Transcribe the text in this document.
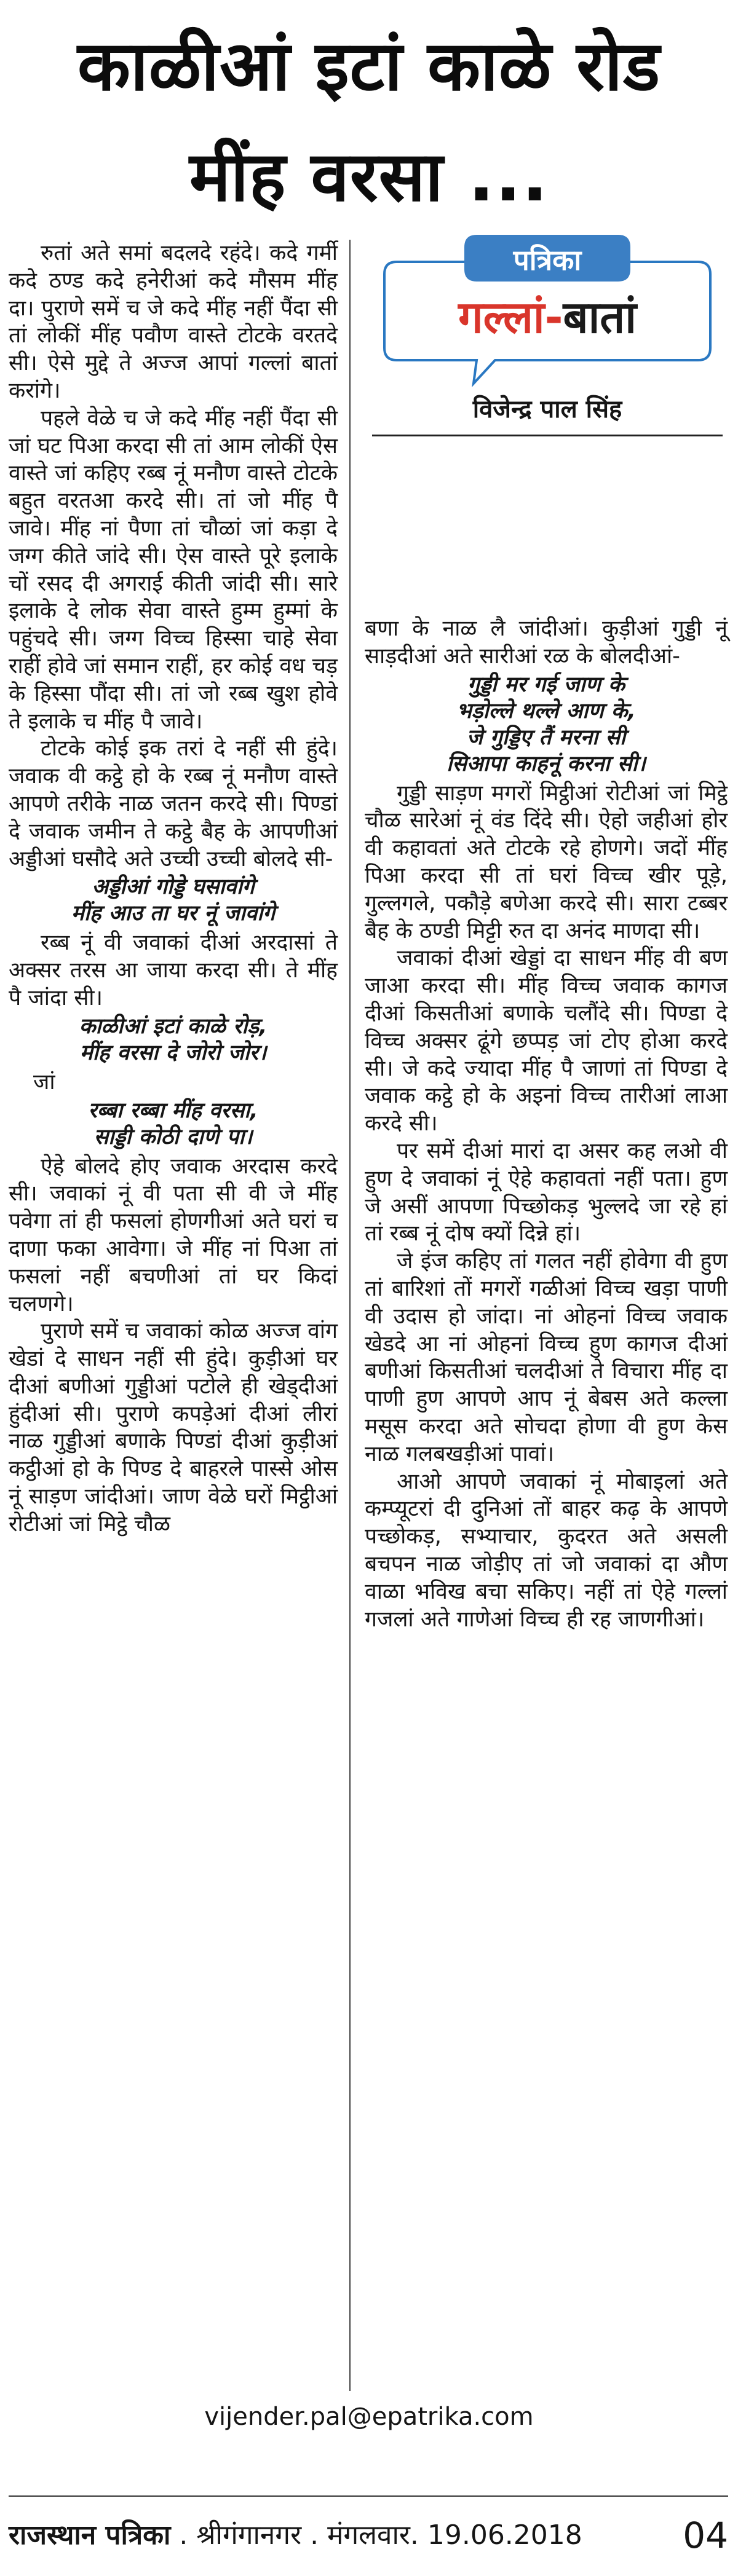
काळीआं इटां काळे रोड
मींह वरसा ...
पत्रिका
गल्लां-बातां
विजेन्द्र पाल सिंह

रुतां अते समां बदलदे रहंदे। कदे गर्मी कदे ठण्ड कदे हनेरीआं कदे मौसम मींह दा। पुराणे समें च जे कदे मींह नहीं पैंदा सी तां लोकीं मींह पवौण वास्ते टोटके वरतदे सी। ऐसे मुद्दे ते अज्ज आपां गल्लां बातां करांगे।

पहले वेळे च जे कदे मींह नहीं पैंदा सी जां घट पिआ करदा सी तां आम लोकीं ऐस वास्ते जां कहिए रब्ब नूं मनौण वास्ते टोटके बहुत वरतआ करदे सी। तां जो मींह पै जावे। मींह नां पैणा तां चौळां जां कड़ा दे जग्ग कीते जांदे सी। ऐस वास्ते पूरे इलाके चों रसद दी अगराई कीती जांदी सी। सारे इलाके दे लोक सेवा वास्ते हुम्म हुम्मां के पहुंचदे सी। जग्ग विच्च हिस्सा चाहे सेवा राहीं होवे जां समान राहीं, हर कोई वध चड़ के हिस्सा पौंदा सी। तां जो रब्ब खुश होवे ते इलाके च मींह पै जावे।

टोटके कोई इक तरां दे नहीं सी हुंदे। जवाक वी कट्ठे हो के रब्ब नूं मनौण वास्ते आपणे तरीके नाळ जतन करदे सी। पिण्डां दे जवाक जमीन ते कट्ठे बैह के आपणीआं अड्डीआं घसौदे अते उच्ची उच्ची बोलदे सी-

अड्डीआं गोड्डे घसावांगे
मींह आउ ता घर नूं जावांगे

रब्ब नूं वी जवाकां दीआं अरदासां ते अक्सर तरस आ जाया करदा सी। ते मींह पै जांदा सी।

काळीआं इटां काळे रोड़,
मींह वरसा दे जोरो जोर।

जां

रब्बा रब्बा मींह वरसा,
साड्डी कोठी दाणे पा।

ऐहे बोलदे होए जवाक अरदास करदे सी। जवाकां नूं वी पता सी वी जे मींह पवेगा तां ही फसलां होणगीआं अते घरां च दाणा फका आवेगा। जे मींह नां पिआ तां फसलां नहीं बचणीआं तां घर किदां चलणगे।

पुराणे समें च जवाकां कोळ अज्ज वांग खेडां दे साधन नहीं सी हुंदे। कुड़ीआं घर दीआं बणीआं गुड्डीआं पटोले ही खेड्दीआं हुंदीआं सी। पुराणे कपड़ेआं दीआं लीरां नाळ गुड्डीआं बणाके पिण्डां दीआं कुड़ीआं कट्ठीआं हो के पिण्ड दे बाहरले पास्से ओस नूं साड़ण जांदीआं। जाण वेळे घरों मिट्ठीआं रोटीआं जां मिट्ठे चौळ

बणा के नाळ लै जांदीआं। कुड़ीआं गुड्डी नूं साड़दीआं अते सारीआं रळ के बोलदीआं-

गुड्डी मर गई जाण के
भड़ोल्ले थल्ले आण के,
जे गुड्डिए तैं मरना सी
सिआपा काहनूं करना सी।

गुड्डी साड़ण मगरों मिट्ठीआं रोटीआं जां मिट्ठे चौळ सारेआं नूं वंड दिंदे सी। ऐहो जहीआं होर वी कहावतां अते टोटके रहे होणगे। जदों मींह पिआ करदा सी तां घरां विच्च खीर पूड़े, गुल्लगले, पकौड़े बणेआ करदे सी। सारा टब्बर बैह के ठण्डी मिट्टी रुत दा अनंद माणदा सी।

जवाकां दीआं खेड्डां दा साधन मींह वी बण जाआ करदा सी। मींह विच्च जवाक कागज दीआं किसतीआं बणाके चलौंदे सी। पिण्डा दे विच्च अक्सर ढूंगे छप्पड़ जां टोए होआ करदे सी। जे कदे ज्यादा मींह पै जाणां तां पिण्डा दे जवाक कट्ठे हो के अइनां विच्च तारीआं लाआ करदे सी।

पर समें दीआं मारां दा असर कह लओ वी हुण दे जवाकां नूं ऐहे कहावतां नहीं पता। हुण जे असीं आपणा पिच्छोकड़ भुल्लदे जा रहे हां तां रब्ब नूं दोष क्यों दिन्ने हां।

जे इंज कहिए तां गलत नहीं होवेगा वी हुण तां बारिशां तों मगरों गळीआं विच्च खड़ा पाणी वी उदास हो जांदा। नां ओहनां विच्च जवाक खेडदे आ नां ओहनां विच्च हुण कागज दीआं बणीआं किसतीआं चलदीआं ते विचारा मींह दा पाणी हुण आपणे आप नूं बेबस अते कल्ला मसूस करदा अते सोचदा होणा वी हुण केस नाळ गलबखड़ीआं पावां।

आओ आपणे जवाकां नूं मोबाइलां अते कम्प्यूटरां दी दुनिआं तों बाहर कढ़ के आपणे पच्छोकड़, सभ्याचार, कुदरत अते असली बचपन नाळ जोड़ीए तां जो जवाकां दा औण वाळा भविख बचा सकिए। नहीं तां ऐहे गल्लां गजलां अते गाणेआं विच्च ही रह जाणगीआं।

vijender.pal@epatrika.com
राजस्थान पत्रिका . श्रीगंगानगर . मंगलवार. 19.06.2018	04
